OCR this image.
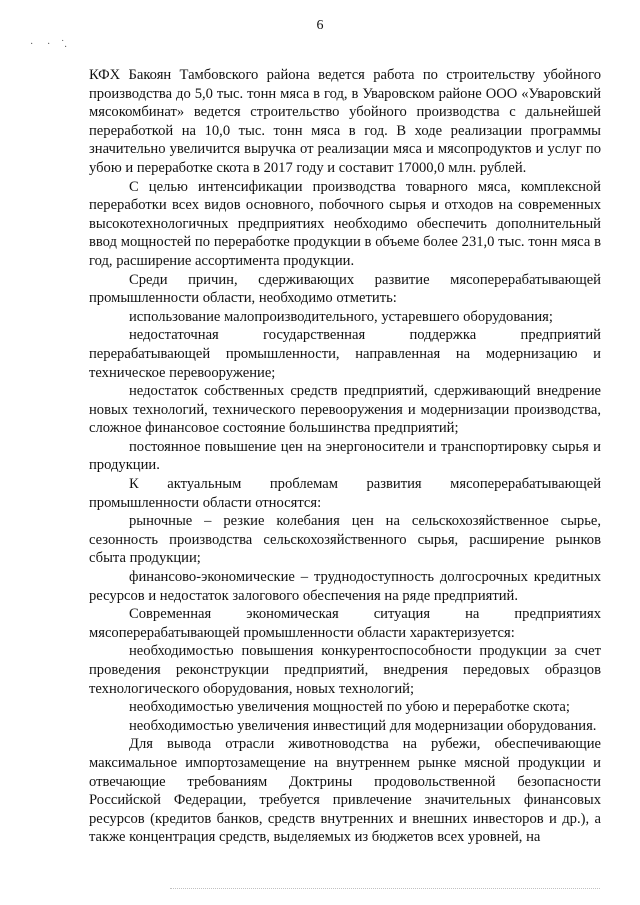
· · ˙.
6

КФХ Бакоян Тамбовского района ведется работа по строительству убойного производства до 5,0 тыс. тонн мяса в год, в Уваровском районе ООО «Уваровский мясокомбинат» ведется строительство убойного производства с дальнейшей переработкой на 10,0 тыс. тонн мяса в год. В ходе реализации программы значительно увеличится выручка от реализации мяса и мясопродуктов и услуг по убою и переработке скота в 2017 году и составит 17000,0 млн. рублей.

С целью интенсификации производства товарного мяса, комплексной переработки всех видов основного, побочного сырья и отходов на современных высокотехнологичных предприятиях необходимо обеспечить дополнительный ввод мощностей по переработке продукции в объеме более 231,0 тыс. тонн мяса в год, расширение ассортимента продукции.

Среди причин, сдерживающих развитие мясоперерабатывающей промышленности области, необходимо отметить:

использование малопроизводительного, устаревшего оборудования;

недостаточная государственная поддержка предприятий перерабатывающей промышленности, направленная на модернизацию и техническое перевооружение;

недостаток собственных средств предприятий, сдерживающий внедрение новых технологий, технического перевооружения и модернизации производства, сложное финансовое состояние большинства предприятий;

постоянное повышение цен на энергоносители и транспортировку сырья и продукции.

К актуальным проблемам развития мясоперерабатывающей промышленности области относятся:

рыночные – резкие колебания цен на сельскохозяйственное сырье, сезонность производства сельскохозяйственного сырья, расширение рынков сбыта продукции;

финансово-экономические – труднодоступность долгосрочных кредитных ресурсов и недостаток залогового обеспечения на ряде предприятий.

Современная экономическая ситуация на предприятиях мясоперерабатывающей промышленности области характеризуется:

необходимостью повышения конкурентоспособности продукции за счет проведения реконструкции предприятий, внедрения передовых образцов технологического оборудования, новых технологий;

необходимостью увеличения мощностей по убою и переработке скота;

необходимостью увеличения инвестиций для модернизации оборудования.

Для вывода отрасли животноводства на рубежи, обеспечивающие максимальное импортозамещение на внутреннем рынке мясной продукции и отвечающие требованиям Доктрины продовольственной безопасности Российской Федерации, требуется привлечение значительных финансовых ресурсов (кредитов банков, средств внутренних и внешних инвесторов и др.), а также концентрация средств, выделяемых из бюджетов всех уровней, на
